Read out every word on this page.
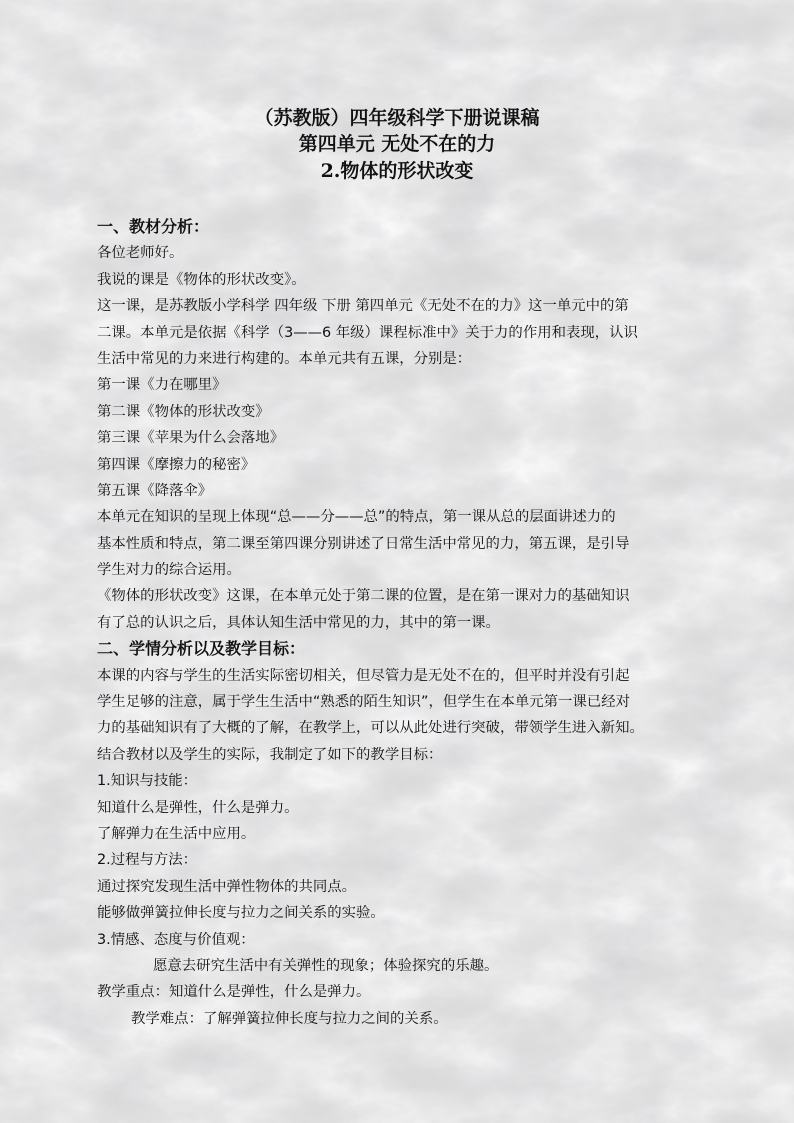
（苏教版）四年级科学下册说课稿
第四单元 无处不在的力
2.物体的形状改变
一、教材分析：
各位老师好。
我说的课是《物体的形状改变》。
这一课，是苏教版小学科学 四年级 下册 第四单元《无处不在的力》这一单元中的第
二课。本单元是依据《科学（3——6 年级）课程标准中》关于力的作用和表现，认识
生活中常见的力来进行构建的。本单元共有五课，分别是：
第一课《力在哪里》
第二课《物体的形状改变》
第三课《苹果为什么会落地》
第四课《摩擦力的秘密》
第五课《降落伞》
本单元在知识的呈现上体现“总——分——总”的特点，第一课从总的层面讲述力的
基本性质和特点，第二课至第四课分别讲述了日常生活中常见的力，第五课，是引导
学生对力的综合运用。
《物体的形状改变》这课，在本单元处于第二课的位置，是在第一课对力的基础知识
有了总的认识之后，具体认知生活中常见的力，其中的第一课。
二、学情分析以及教学目标：
本课的内容与学生的生活实际密切相关，但尽管力是无处不在的，但平时并没有引起
学生足够的注意，属于学生生活中“熟悉的陌生知识”，但学生在本单元第一课已经对
力的基础知识有了大概的了解，在教学上，可以从此处进行突破，带领学生进入新知。
结合教材以及学生的实际，我制定了如下的教学目标：
1.知识与技能：
知道什么是弹性，什么是弹力。
了解弹力在生活中应用。
2.过程与方法：
通过探究发现生活中弹性物体的共同点。
能够做弹簧拉伸长度与拉力之间关系的实验。
3.情感、态度与价值观：
愿意去研究生活中有关弹性的现象；体验探究的乐趣。
教学重点：知道什么是弹性，什么是弹力。
教学难点：了解弹簧拉伸长度与拉力之间的关系。
